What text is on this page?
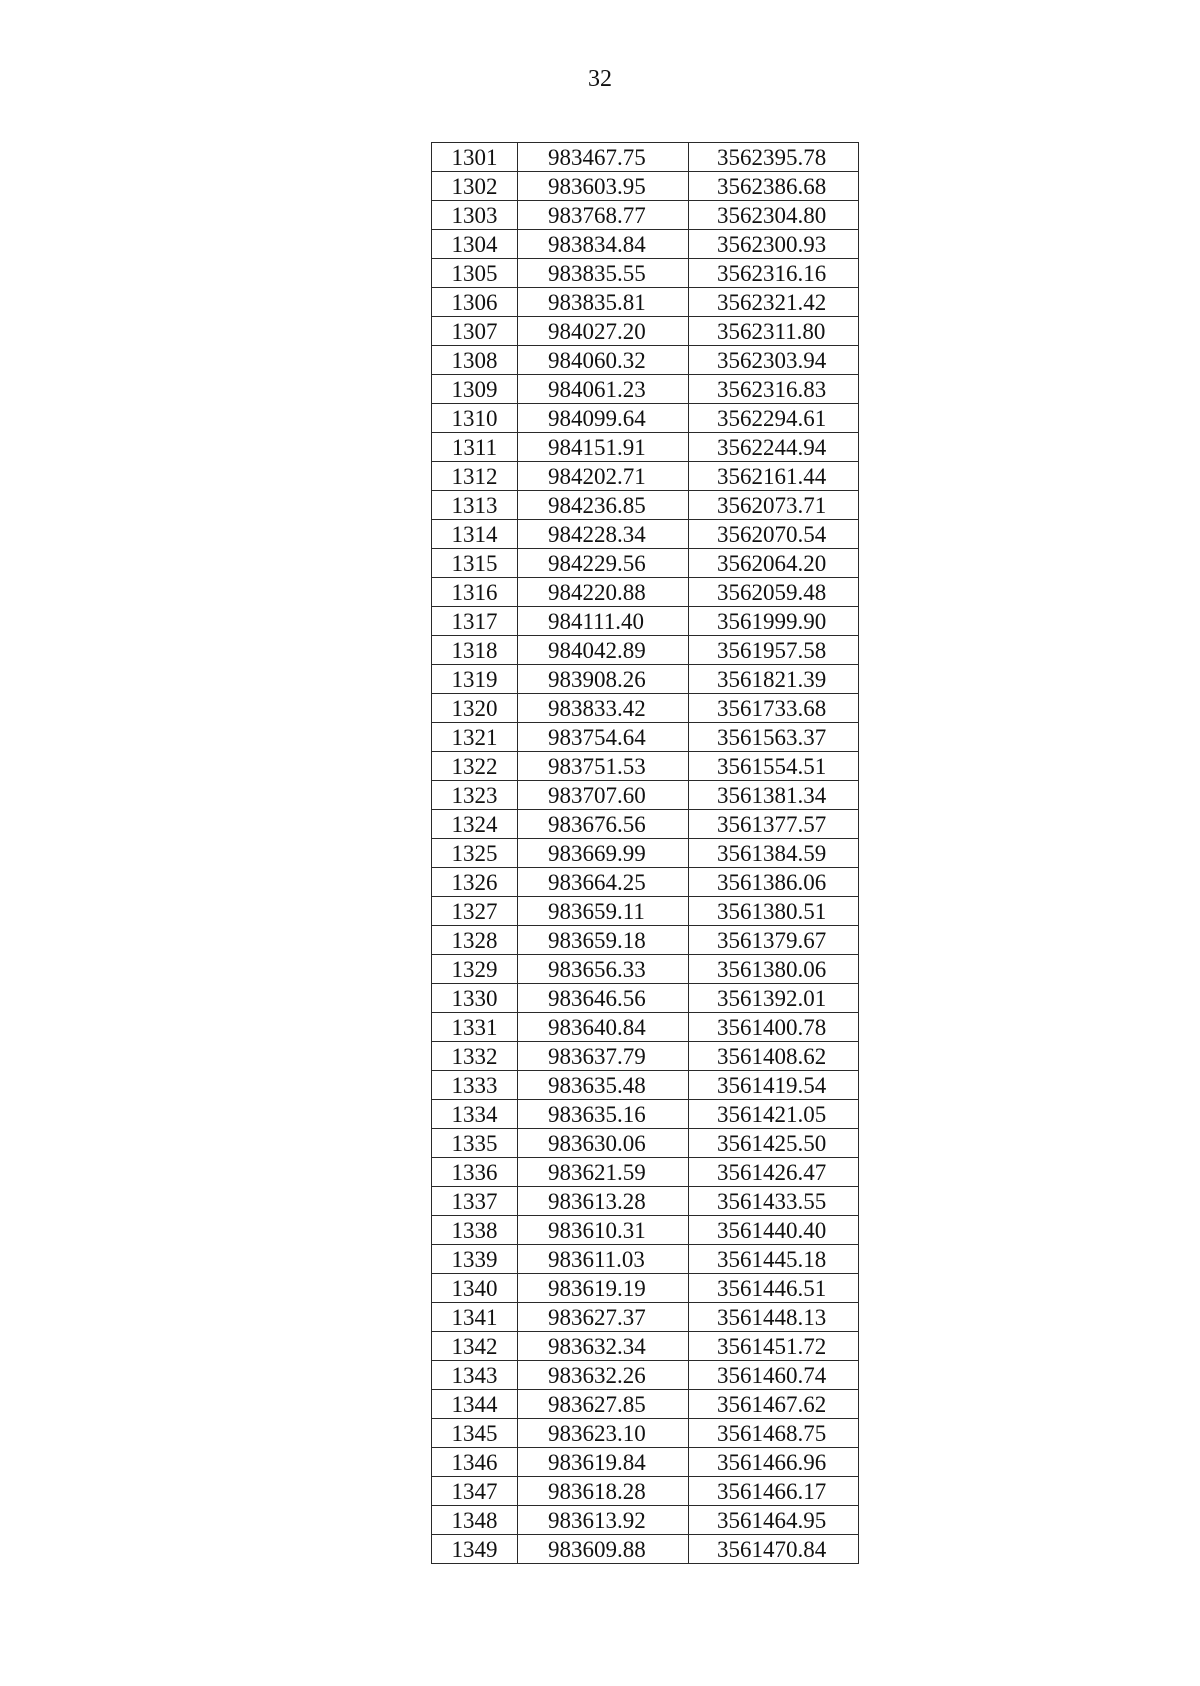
32
1301	983467.75	3562395.78
1302	983603.95	3562386.68
1303	983768.77	3562304.80
1304	983834.84	3562300.93
1305	983835.55	3562316.16
1306	983835.81	3562321.42
1307	984027.20	3562311.80
1308	984060.32	3562303.94
1309	984061.23	3562316.83
1310	984099.64	3562294.61
1311	984151.91	3562244.94
1312	984202.71	3562161.44
1313	984236.85	3562073.71
1314	984228.34	3562070.54
1315	984229.56	3562064.20
1316	984220.88	3562059.48
1317	984111.40	3561999.90
1318	984042.89	3561957.58
1319	983908.26	3561821.39
1320	983833.42	3561733.68
1321	983754.64	3561563.37
1322	983751.53	3561554.51
1323	983707.60	3561381.34
1324	983676.56	3561377.57
1325	983669.99	3561384.59
1326	983664.25	3561386.06
1327	983659.11	3561380.51
1328	983659.18	3561379.67
1329	983656.33	3561380.06
1330	983646.56	3561392.01
1331	983640.84	3561400.78
1332	983637.79	3561408.62
1333	983635.48	3561419.54
1334	983635.16	3561421.05
1335	983630.06	3561425.50
1336	983621.59	3561426.47
1337	983613.28	3561433.55
1338	983610.31	3561440.40
1339	983611.03	3561445.18
1340	983619.19	3561446.51
1341	983627.37	3561448.13
1342	983632.34	3561451.72
1343	983632.26	3561460.74
1344	983627.85	3561467.62
1345	983623.10	3561468.75
1346	983619.84	3561466.96
1347	983618.28	3561466.17
1348	983613.92	3561464.95
1349	983609.88	3561470.84
